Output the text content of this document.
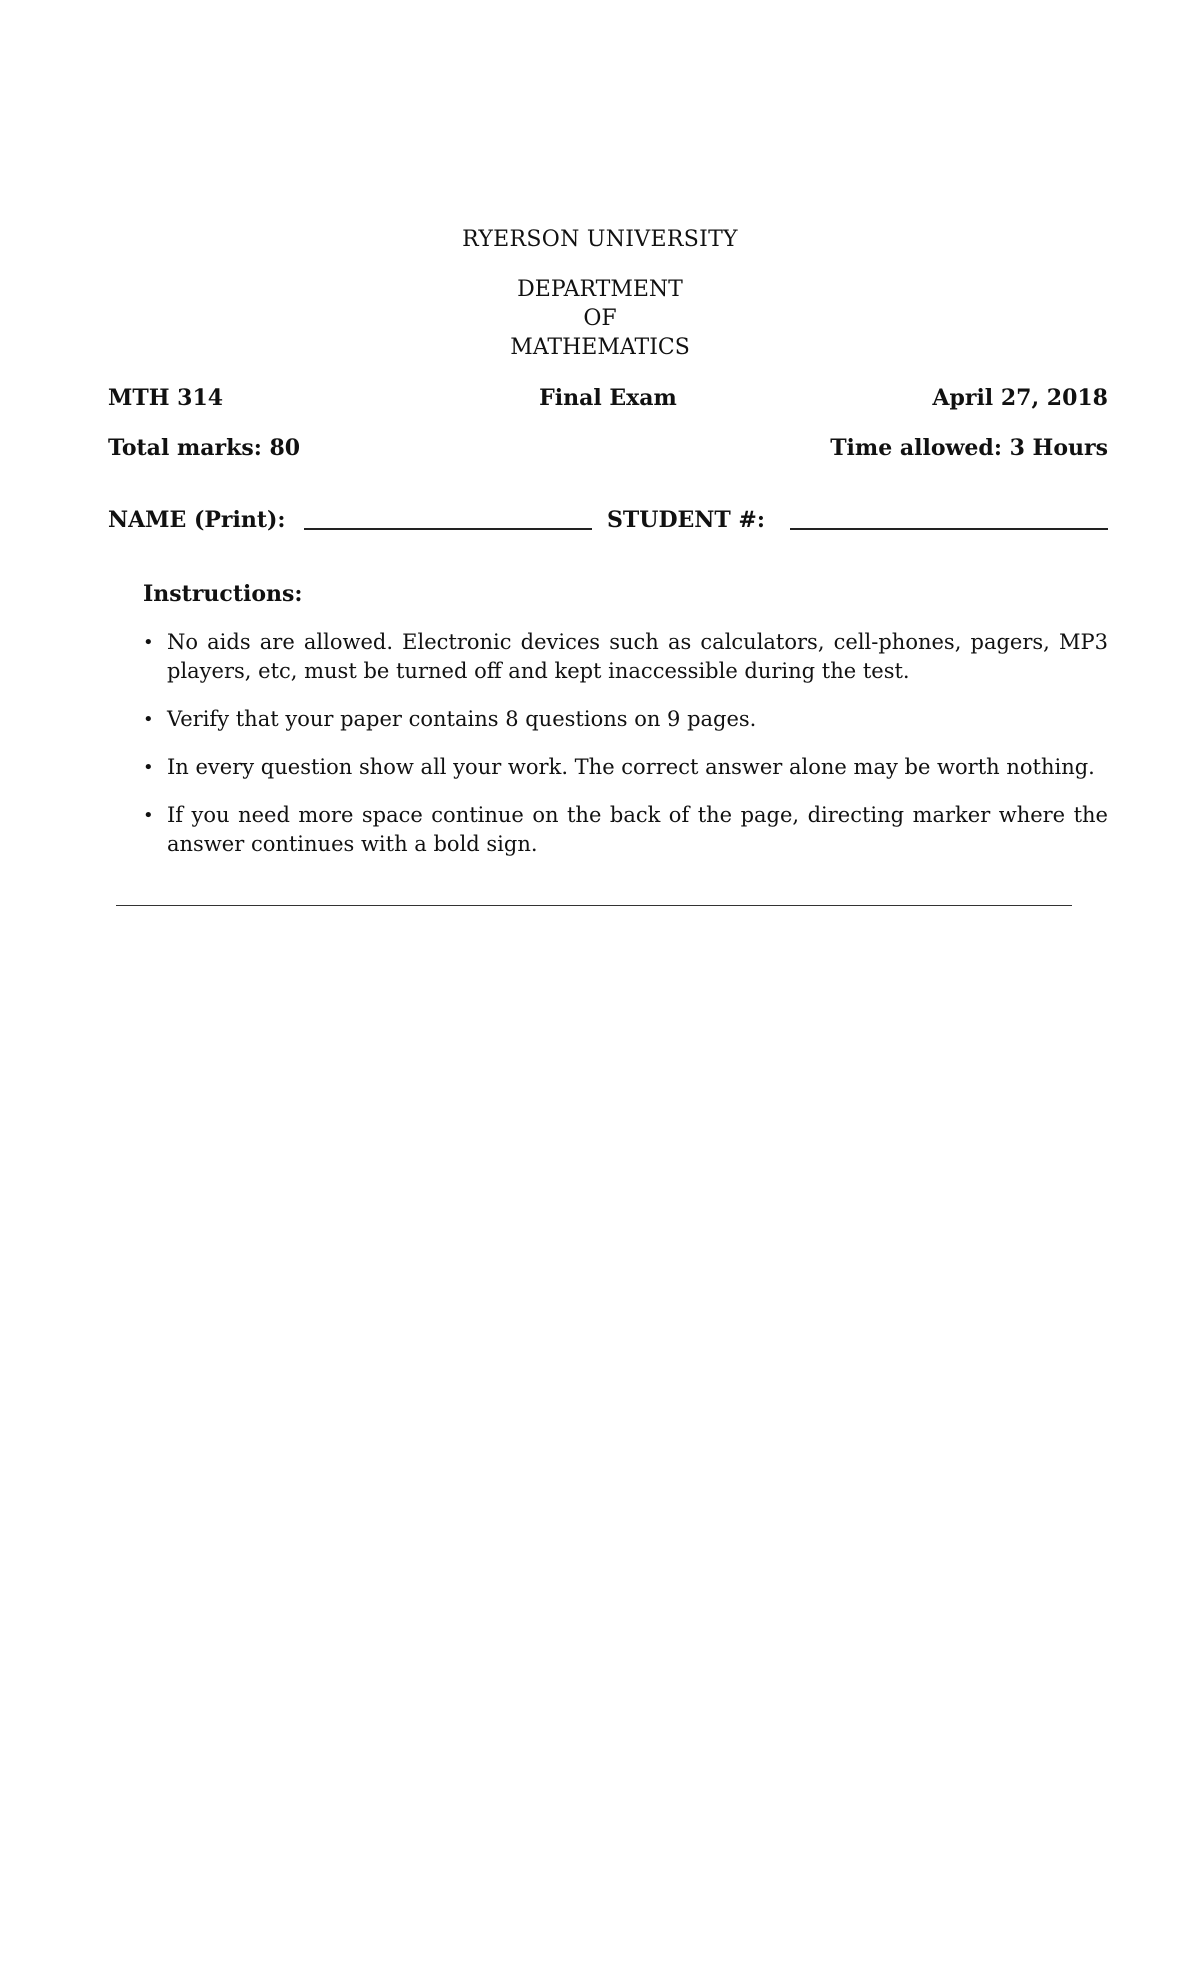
RYERSON UNIVERSITY
DEPARTMENT
OF
MATHEMATICS
MTH 314	Final Exam	April 27, 2018
Total marks: 80	Time allowed: 3 Hours
NAME (Print):	STUDENT #:
Instructions:
• No aids are allowed. Electronic devices such as calculators, cell-phones, pagers, MP3 players, etc, must be turned off and kept inaccessible during the test.
• Verify that your paper contains 8 questions on 9 pages.
• In every question show all your work. The correct answer alone may be worth nothing.
• If you need more space continue on the back of the page, directing marker where the answer continues with a bold sign.
